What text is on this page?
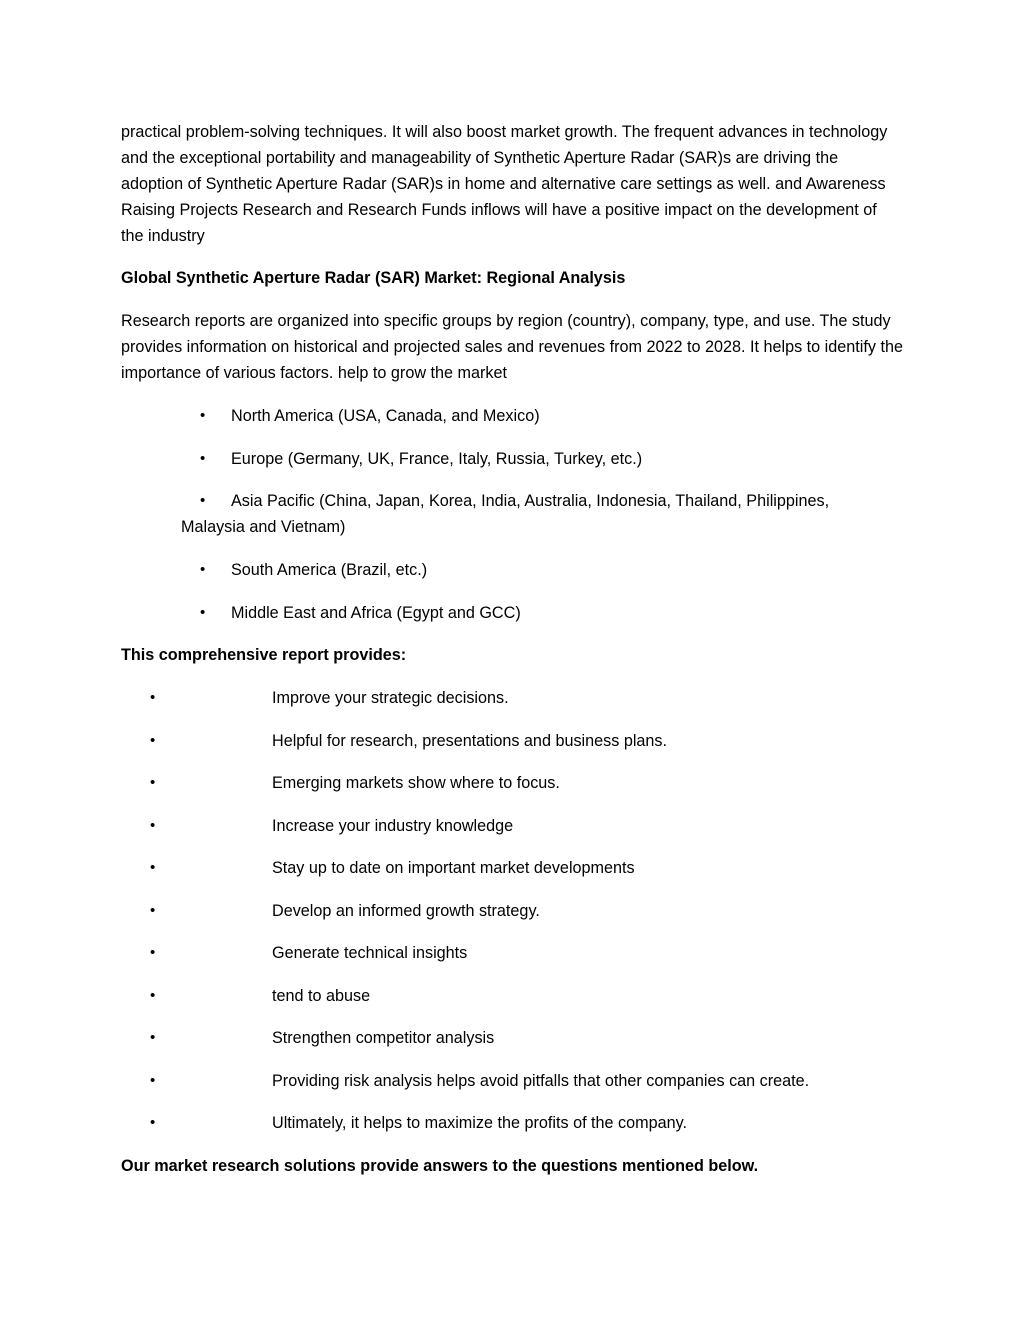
practical problem-solving techniques. It will also boost market growth. The frequent advances in technology and the exceptional portability and manageability of Synthetic Aperture Radar (SAR)s are driving the adoption of Synthetic Aperture Radar (SAR)s in home and alternative care settings as well. and Awareness Raising Projects Research and Research Funds inflows will have a positive impact on the development of the industry

Global Synthetic Aperture Radar (SAR) Market: Regional Analysis

Research reports are organized into specific groups by region (country), company, type, and use. The study provides information on historical and projected sales and revenues from 2022 to 2028. It helps to identify the importance of various factors. help to grow the market

• North America (USA, Canada, and Mexico)
• Europe (Germany, UK, France, Italy, Russia, Turkey, etc.)
• Asia Pacific (China, Japan, Korea, India, Australia, Indonesia, Thailand, Philippines, Malaysia and Vietnam)
• South America (Brazil, etc.)
• Middle East and Africa (Egypt and GCC)

This comprehensive report provides:

•	Improve your strategic decisions.
•	Helpful for research, presentations and business plans.
•	Emerging markets show where to focus.
•	Increase your industry knowledge
•	Stay up to date on important market developments
•	Develop an informed growth strategy.
•	Generate technical insights
•	tend to abuse
•	Strengthen competitor analysis
•	Providing risk analysis helps avoid pitfalls that other companies can create.
•	Ultimately, it helps to maximize the profits of the company.

Our market research solutions provide answers to the questions mentioned below.
